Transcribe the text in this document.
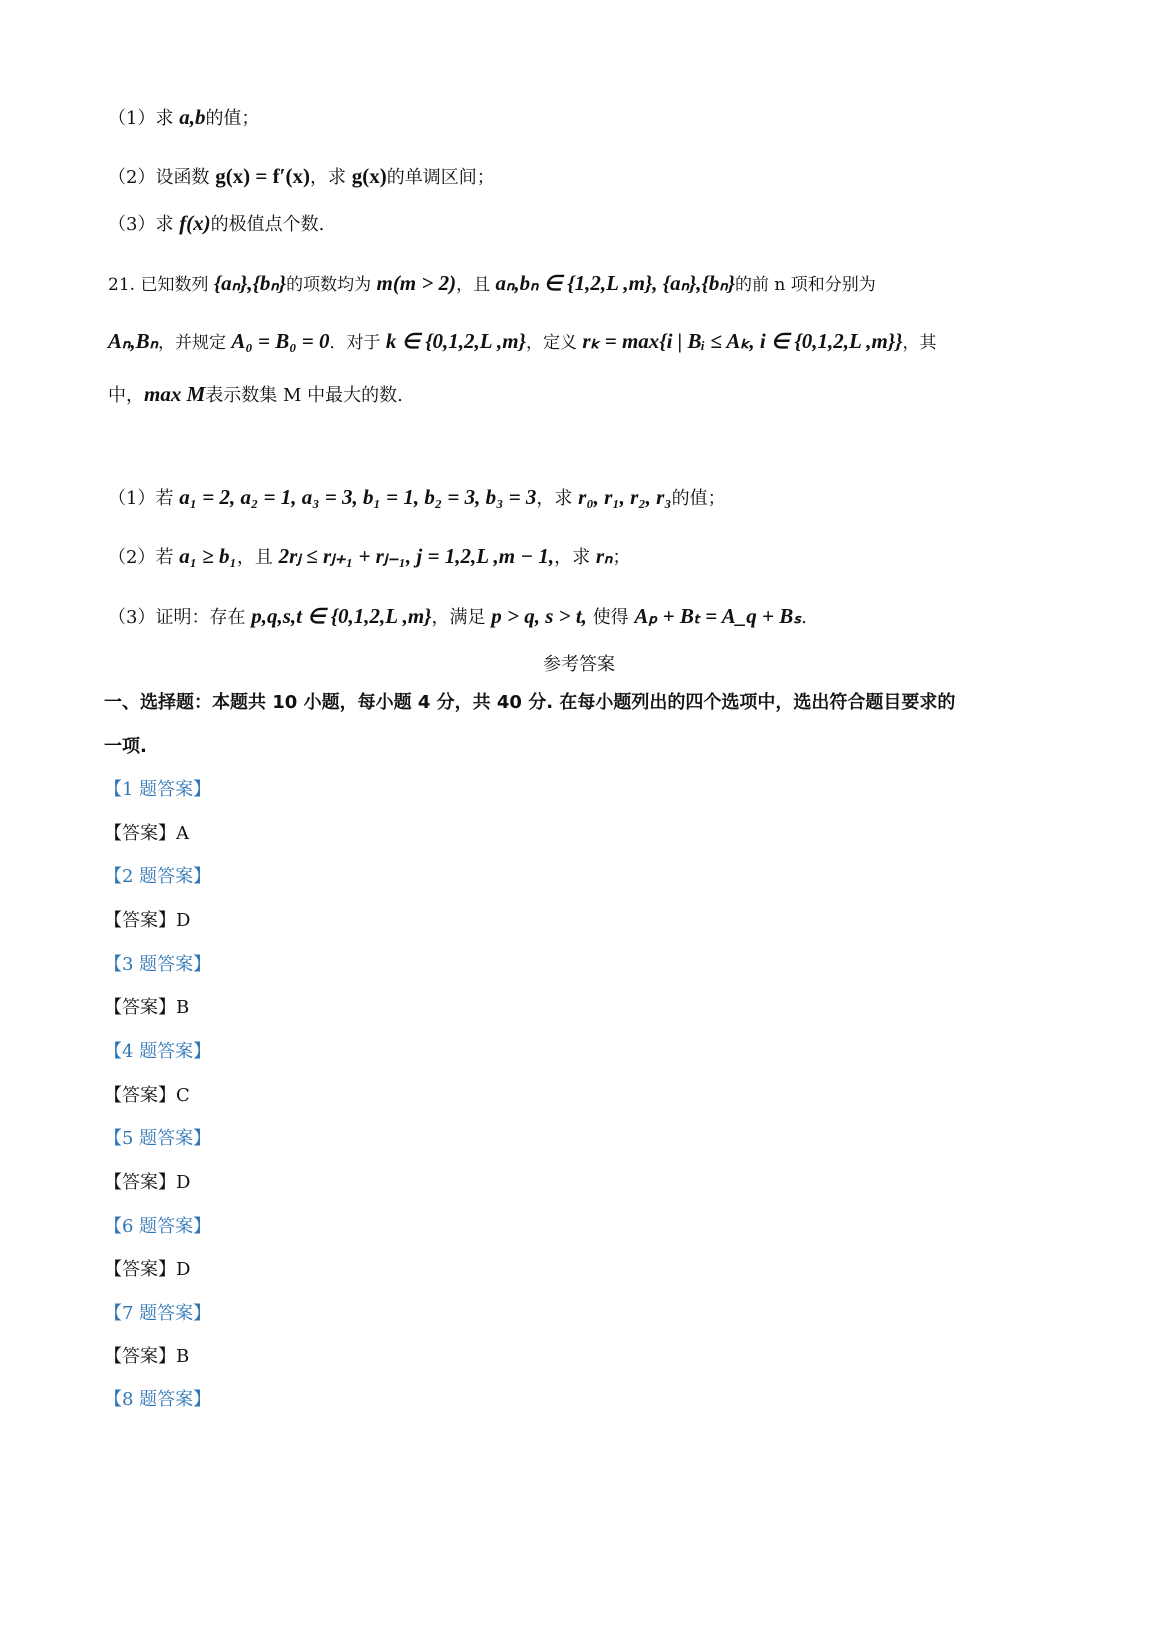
（1）求 a,b的值；
（2）设函数 g(x) = f′(x)，求 g(x)的单调区间；
（3）求 f(x)的极值点个数.
21. 已知数列 {aₙ},{bₙ}的项数均为 m(m > 2)，且 aₙ,bₙ ∈ {1,2,L ,m}, {aₙ},{bₙ}的前 n 项和分别为
Aₙ,Bₙ，并规定 A₀ = B₀ = 0．对于 k ∈ {0,1,2,L ,m}，定义 rₖ = max{i | Bᵢ ≤ Aₖ, i ∈ {0,1,2,L ,m}}，其
中，max M表示数集 M 中最大的数.
（1）若 a₁ = 2, a₂ = 1, a₃ = 3, b₁ = 1, b₂ = 3, b₃ = 3，求 r₀, r₁, r₂, r₃的值；
（2）若 a₁ ≥ b₁，且 2rⱼ ≤ rⱼ₊₁ + rⱼ₋₁, j = 1,2,L ,m − 1,，求 rₙ；
（3）证明：存在 p,q,s,t ∈ {0,1,2,L ,m}，满足 p > q, s > t, 使得 Aₚ + Bₜ = A_q + Bₛ.
参考答案
一、选择题：本题共 10 小题，每小题 4 分，共 40 分. 在每小题列出的四个选项中，选出符合题目要求的
一项.
【1 题答案】
【答案】A
【2 题答案】
【答案】D
【3 题答案】
【答案】B
【4 题答案】
【答案】C
【5 题答案】
【答案】D
【6 题答案】
【答案】D
【7 题答案】
【答案】B
【8 题答案】
